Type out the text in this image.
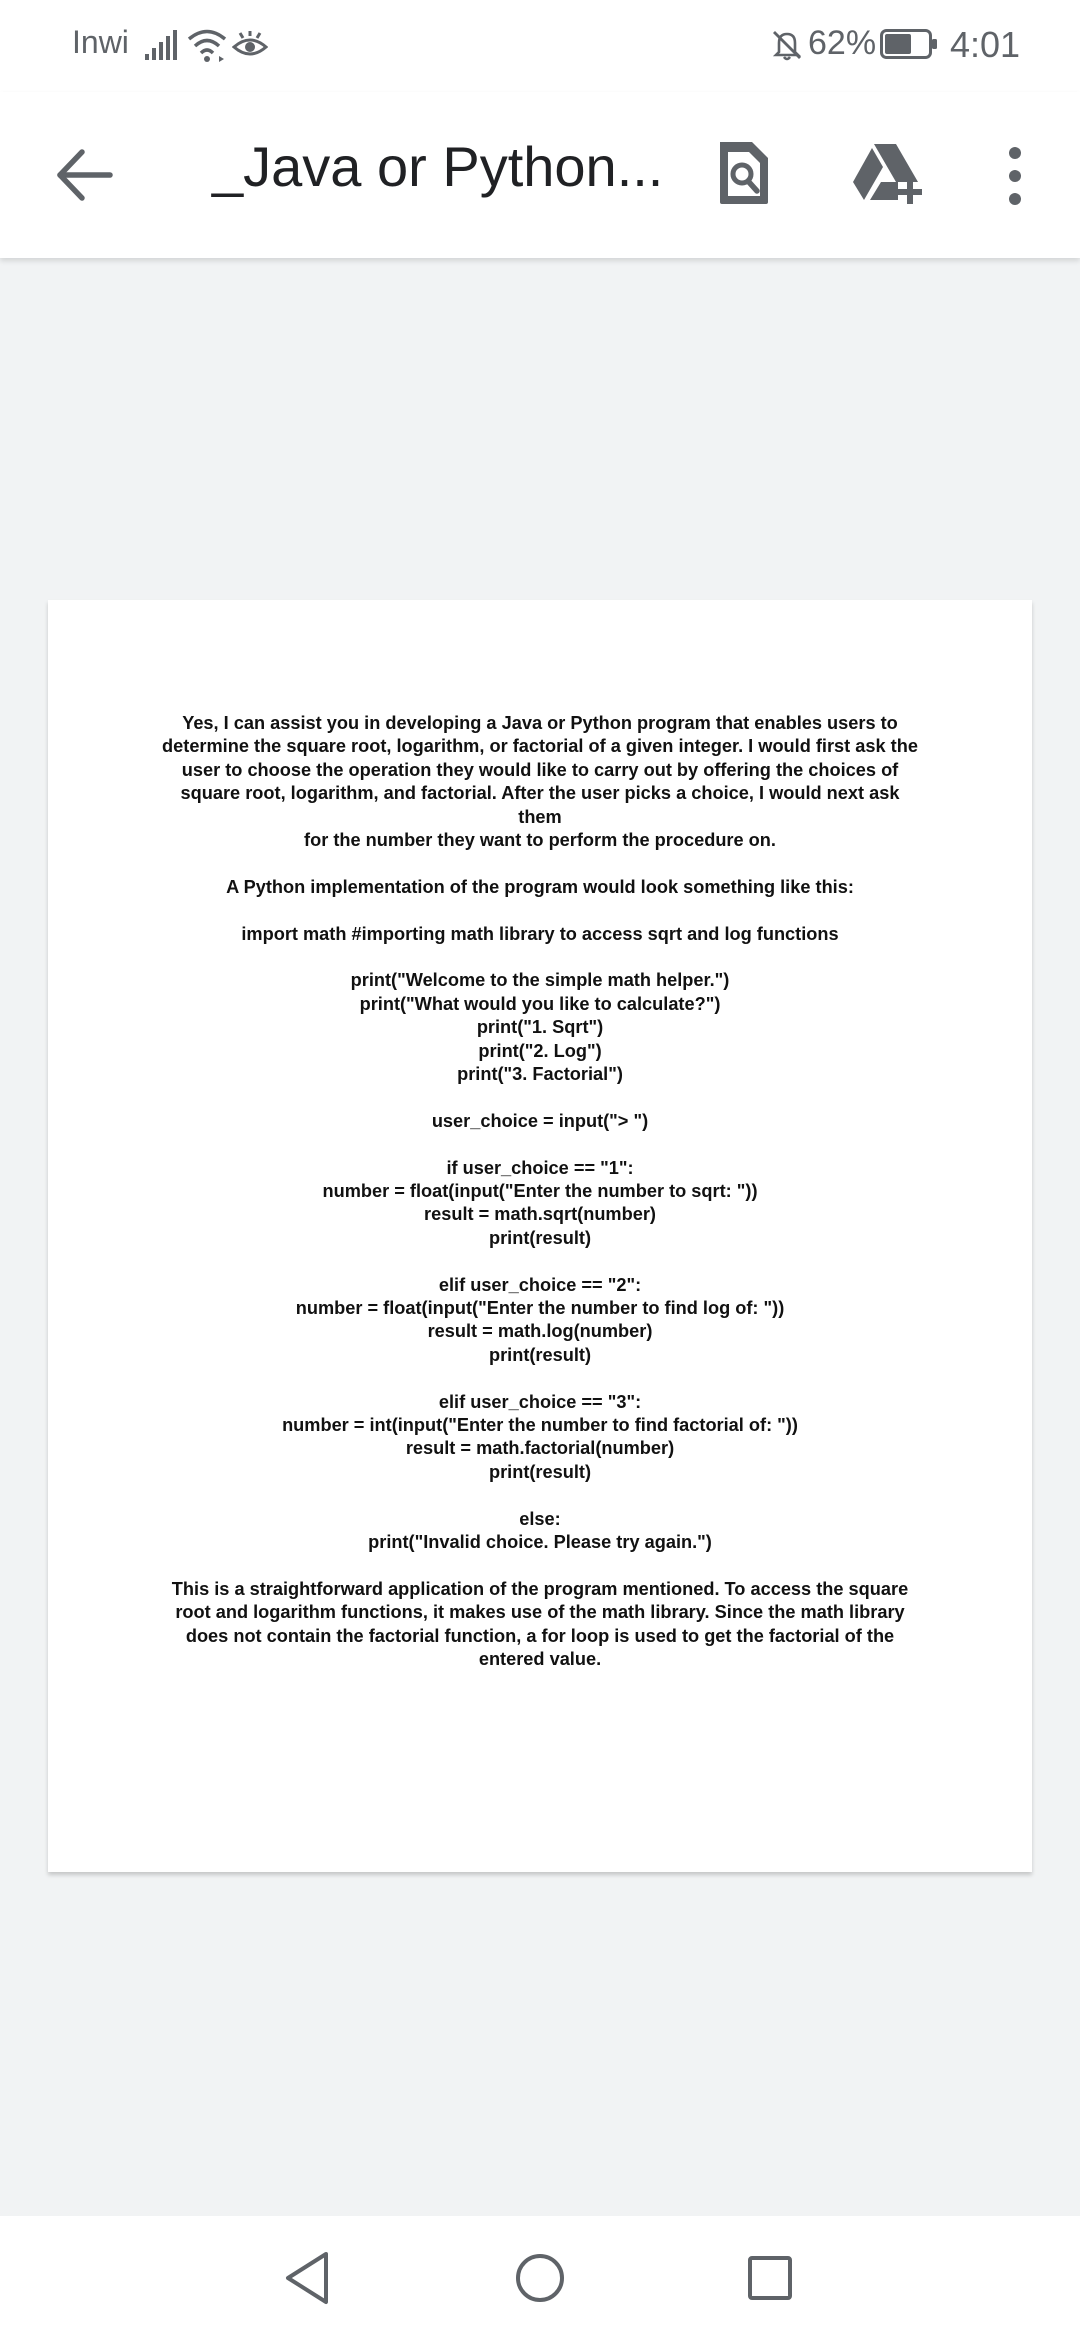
Inwi	62% 4:01
_Java or Python...

Yes, I can assist you in developing a Java or Python program that enables users to
determine the square root, logarithm, or factorial of a given integer. I would first ask the
user to choose the operation they would like to carry out by offering the choices of
square root, logarithm, and factorial. After the user picks a choice, I would next ask them
for the number they want to perform the procedure on.

A Python implementation of the program would look something like this:

import math #importing math library to access sqrt and log functions

print("Welcome to the simple math helper.")
print("What would you like to calculate?")
print("1. Sqrt")
print("2. Log")
print("3. Factorial")

user_choice = input("> ")

if user_choice == "1":
number = float(input("Enter the number to sqrt: "))
result = math.sqrt(number)
print(result)

elif user_choice == "2":
number = float(input("Enter the number to find log of: "))
result = math.log(number)
print(result)

elif user_choice == "3":
number = int(input("Enter the number to find factorial of: "))
result = math.factorial(number)
print(result)

else:
print("Invalid choice. Please try again.")

This is a straightforward application of the program mentioned. To access the square
root and logarithm functions, it makes use of the math library. Since the math library
does not contain the factorial function, a for loop is used to get the factorial of the
entered value.
